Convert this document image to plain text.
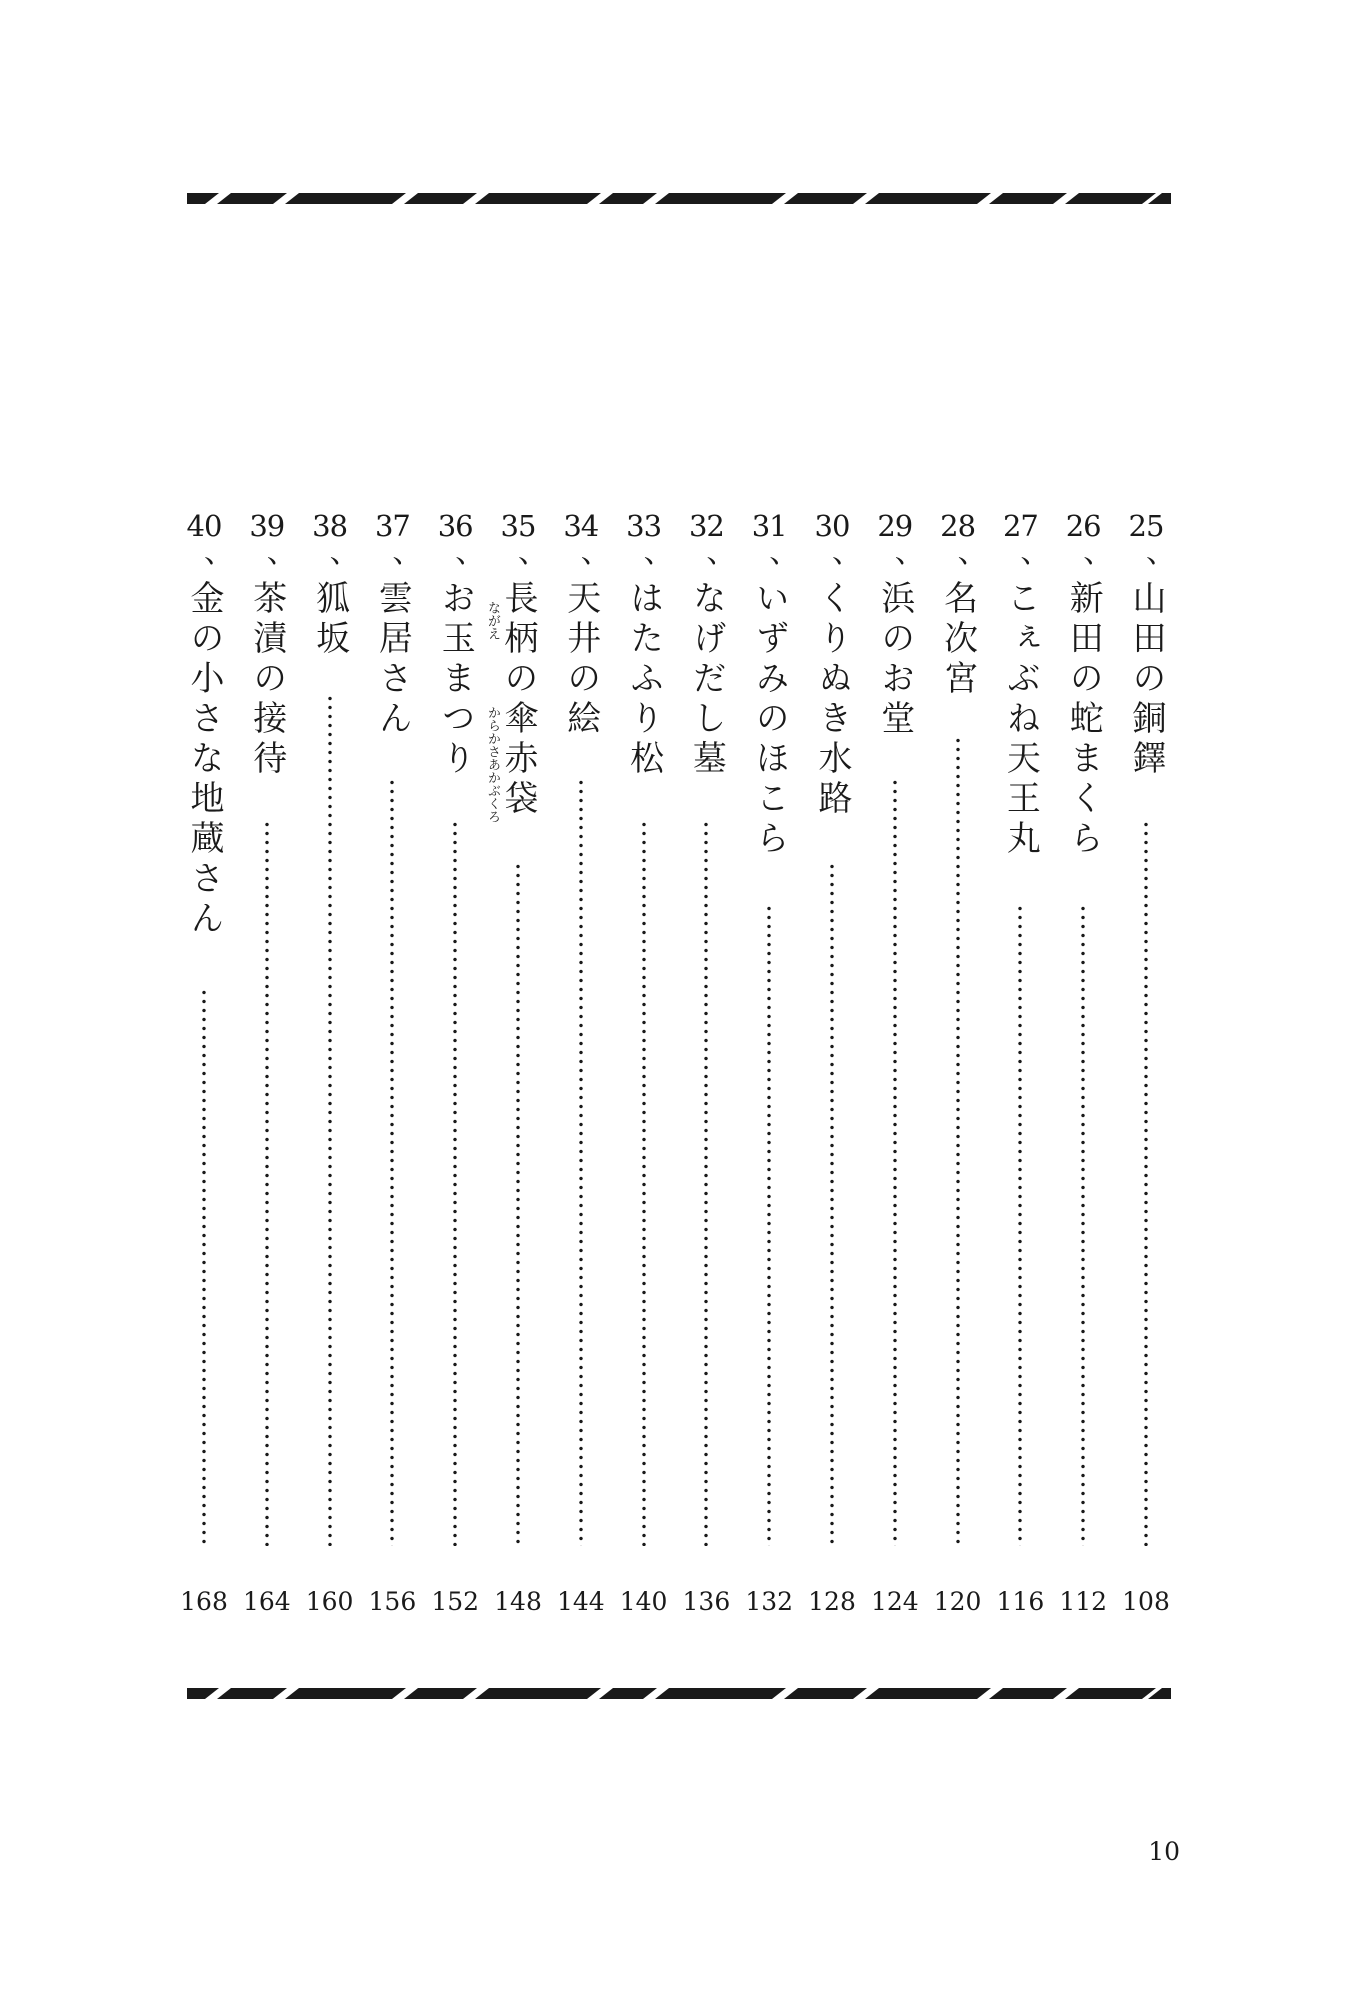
25
、
山田の銅鐸
108
26
、
新田の蛇まくら
112
27
、
こぇぶね天王丸
116
28
、
名次宮
120
29
、
浜のお堂
124
30
、
くりぬき水路
128
31
、
いずみのほこら
132
32
、
なげだし墓
136
33
、
はたふり松
140
34
、
天井の絵
144
35
、
長柄の傘赤袋
ながえ
からかさあかぶくろ
148
36
、
お玉まつり
152
37
、
雲居さん
156
38
、
狐坂
160
39
、
茶漬の接待
164
40
、
金の小さな地蔵さん
168
10
